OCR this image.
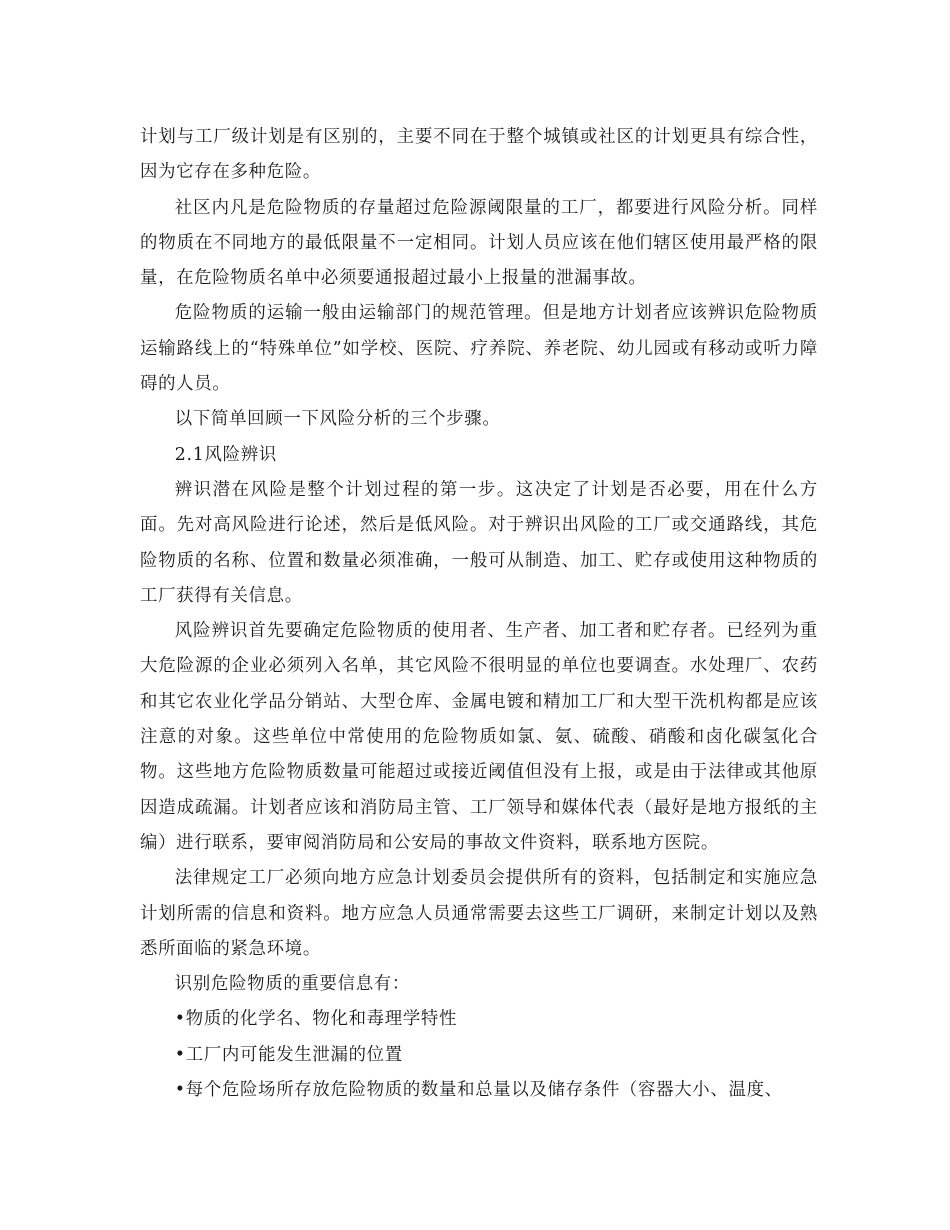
计划与工厂级计划是有区别的，主要不同在于整个城镇或社区的计划更具有综合性，因为它存在多种危险。

社区内凡是危险物质的存量超过危险源阈限量的工厂，都要进行风险分析。同样的物质在不同地方的最低限量不一定相同。计划人员应该在他们辖区使用最严格的限量，在危险物质名单中必须要通报超过最小上报量的泄漏事故。

危险物质的运输一般由运输部门的规范管理。但是地方计划者应该辨识危险物质运输路线上的“特殊单位”如学校、医院、疗养院、养老院、幼儿园或有移动或听力障碍的人员。

以下简单回顾一下风险分析的三个步骤。

2.1风险辨识

辨识潜在风险是整个计划过程的第一步。这决定了计划是否必要，用在什么方面。先对高风险进行论述，然后是低风险。对于辨识出风险的工厂或交通路线，其危险物质的名称、位置和数量必须准确，一般可从制造、加工、贮存或使用这种物质的工厂获得有关信息。

风险辨识首先要确定危险物质的使用者、生产者、加工者和贮存者。已经列为重大危险源的企业必须列入名单，其它风险不很明显的单位也要调查。水处理厂、农药和其它农业化学品分销站、大型仓库、金属电镀和精加工厂和大型干洗机构都是应该注意的对象。这些单位中常使用的危险物质如氯、氨、硫酸、硝酸和卤化碳氢化合物。这些地方危险物质数量可能超过或接近阈值但没有上报，或是由于法律或其他原因造成疏漏。计划者应该和消防局主管、工厂领导和媒体代表（最好是地方报纸的主编）进行联系，要审阅消防局和公安局的事故文件资料，联系地方医院。

法律规定工厂必须向地方应急计划委员会提供所有的资料，包括制定和实施应急计划所需的信息和资料。地方应急人员通常需要去这些工厂调研，来制定计划以及熟悉所面临的紧急环境。

识别危险物质的重要信息有：

•物质的化学名、物化和毒理学特性

•工厂内可能发生泄漏的位置

•每个危险场所存放危险物质的数量和总量以及储存条件（容器大小、温度、
